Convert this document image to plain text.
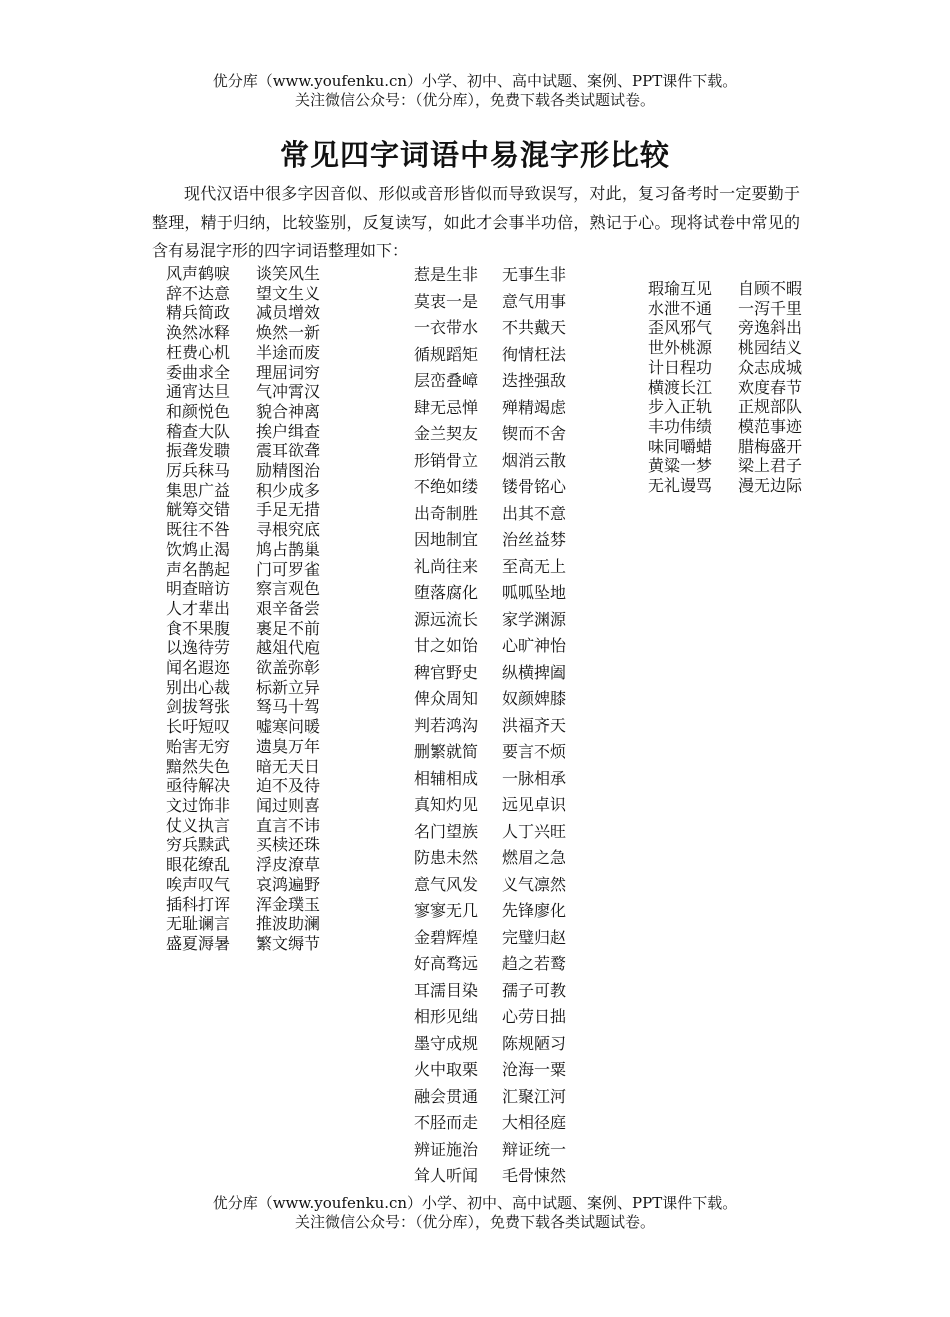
优分库（www.youfenku.cn）小学、初中、高中试题、案例、PPT课件下载。
关注微信公众号：（优分库），免费下载各类试题试卷。
常见四字词语中易混字形比较
现代汉语中很多字因音似、形似或音形皆似而导致误写，对此，复习备考时一定要勤于整理，精于归纳，比较鉴别，反复读写，如此才会事半功倍，熟记于心。现将试卷中常见的含有易混字形的四字词语整理如下：
风声鹤唳	谈笑风生
辞不达意	望文生义
精兵简政	减员增效
涣然冰释	焕然一新
枉费心机	半途而废
委曲求全	理屈词穷
通宵达旦	气冲霄汉
和颜悦色	貌合神离
稽查大队	挨户缉查
振聋发聩	震耳欲聋
厉兵秣马	励精图治
集思广益	积少成多
觥筹交错	手足无措
既往不咎	寻根究底
饮鸩止渴	鸠占鹊巢
声名鹊起	门可罗雀
明查暗访	察言观色
人才辈出	艰辛备尝
食不果腹	裹足不前
以逸待劳	越俎代庖
闻名遐迩	欲盖弥彰
别出心裁	标新立异
剑拔弩张	驽马十驾
长吁短叹	嘘寒问暖
贻害无穷	遗臭万年
黯然失色	暗无天日
亟待解决	迫不及待
文过饰非	闻过则喜
仗义执言	直言不讳
穷兵黩武	买椟还珠
眼花缭乱	浮皮潦草
唉声叹气	哀鸿遍野
插科打诨	浑金璞玉
无耻谰言	推波助澜
盛夏溽暑	繁文缛节
惹是生非	无事生非
莫衷一是	意气用事
一衣带水	不共戴天
循规蹈矩	徇情枉法
层峦叠嶂	迭挫强敌
肆无忌惮	殚精竭虑
金兰契友	锲而不舍
形销骨立	烟消云散
不绝如缕	镂骨铭心
出奇制胜	出其不意
因地制宜	治丝益棼
礼尚往来	至高无上
堕落腐化	呱呱坠地
源远流长	家学渊源
甘之如饴	心旷神怡
稗官野史	纵横捭阖
俾众周知	奴颜婢膝
判若鸿沟	洪福齐天
删繁就简	要言不烦
相辅相成	一脉相承
真知灼见	远见卓识
名门望族	人丁兴旺
防患未然	燃眉之急
意气风发	义气凛然
寥寥无几	先锋廖化
金碧辉煌	完璧归赵
好高骛远	趋之若鹜
耳濡目染	孺子可教
相形见绌	心劳日拙
墨守成规	陈规陋习
火中取栗	沧海一粟
融会贯通	汇聚江河
不胫而走	大相径庭
辨证施治	辩证统一
耸人听闻	毛骨悚然
瑕瑜互见	自顾不暇
水泄不通	一泻千里
歪风邪气	旁逸斜出
世外桃源	桃园结义
计日程功	众志成城
横渡长江	欢度春节
步入正轨	正规部队
丰功伟绩	模范事迹
味同嚼蜡	腊梅盛开
黄粱一梦	梁上君子
无礼谩骂	漫无边际
优分库（www.youfenku.cn）小学、初中、高中试题、案例、PPT课件下载。
关注微信公众号：（优分库），免费下载各类试题试卷。
